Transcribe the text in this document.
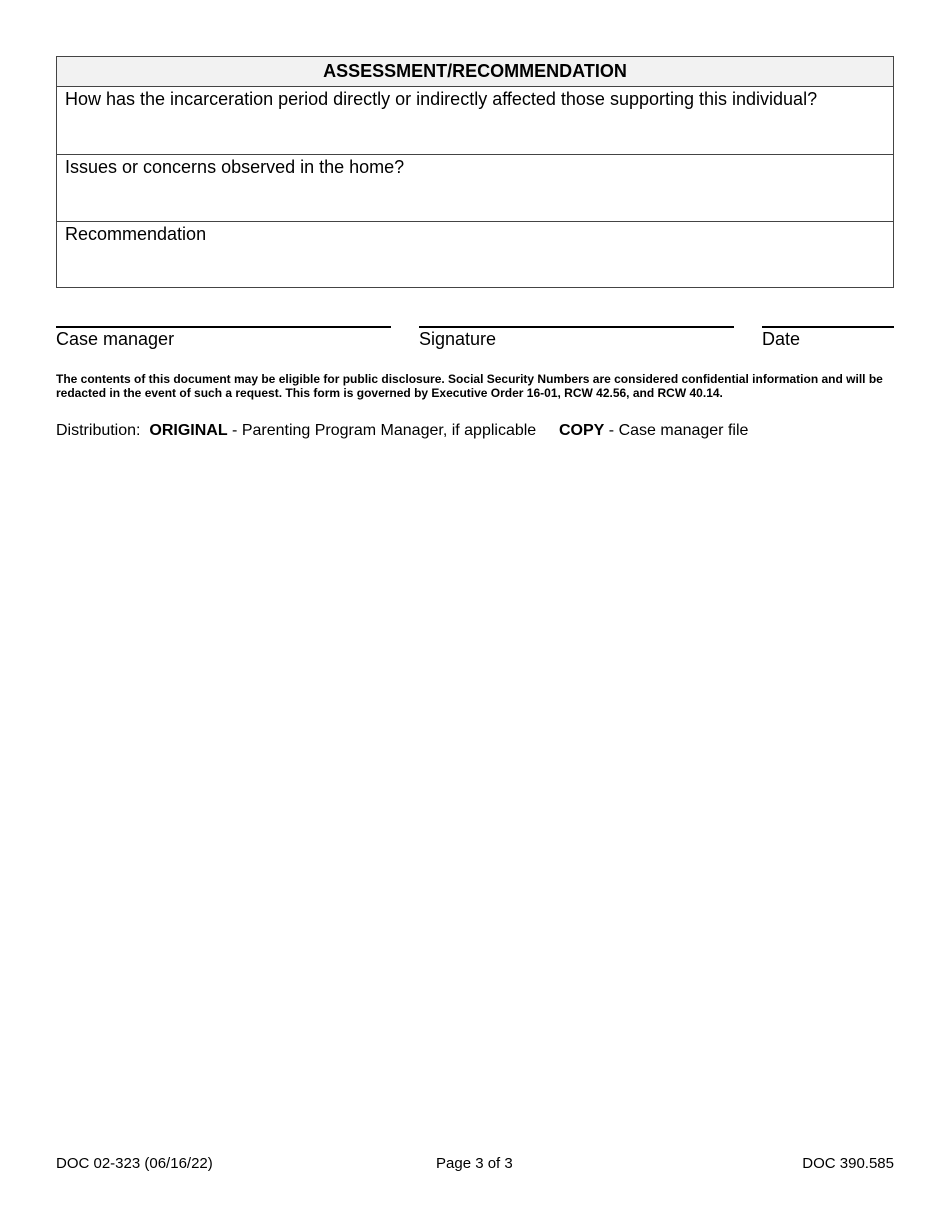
ASSESSMENT/RECOMMENDATION
How has the incarceration period directly or indirectly affected those supporting this individual?
Issues or concerns observed in the home?
Recommendation
Case manager	Signature	Date
The contents of this document may be eligible for public disclosure. Social Security Numbers are considered confidential information and will be redacted in the event of such a request. This form is governed by Executive Order 16-01, RCW 42.56, and RCW 40.14.
Distribution: ORIGINAL - Parenting Program Manager, if applicable COPY - Case manager file
DOC 02-323 (06/16/22)	Page 3 of 3	DOC 390.585
